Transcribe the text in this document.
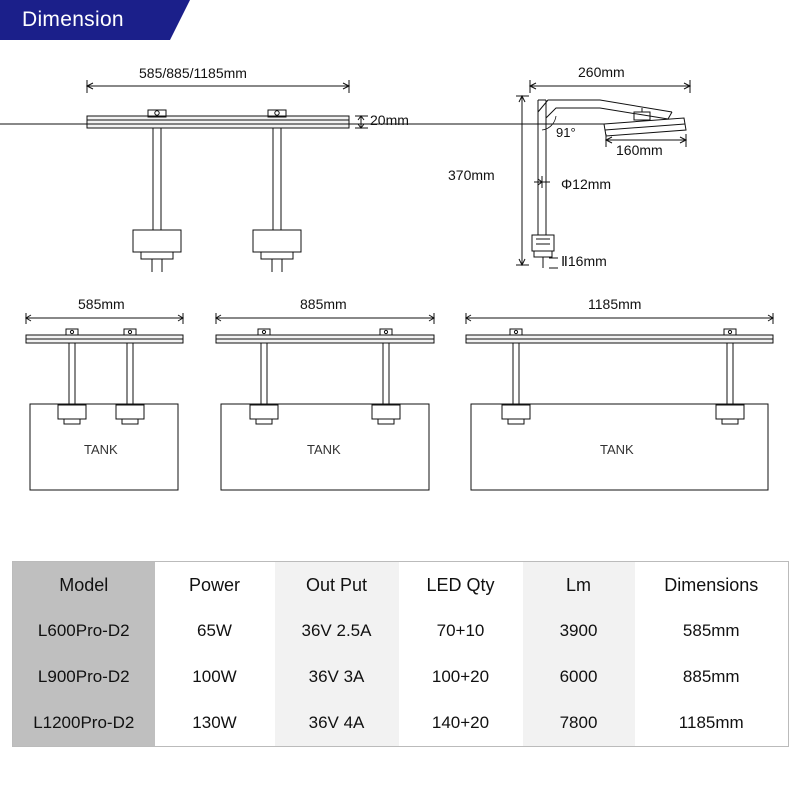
Dimension
585/885/1185mm
20mm
260mm
160mm
370mm
Φ12mm
Ⅱ16mm
91°
585mm
TANK
885mm
TANK
1185mm
TANK
Model	Power	Out Put	LED Qty	Lm	Dimensions
L600Pro-D2	65W	36V 2.5A	70+10	3900	585mm
L900Pro-D2	100W	36V 3A	100+20	6000	885mm
L1200Pro-D2	130W	36V 4A	140+20	7800	1185mm
